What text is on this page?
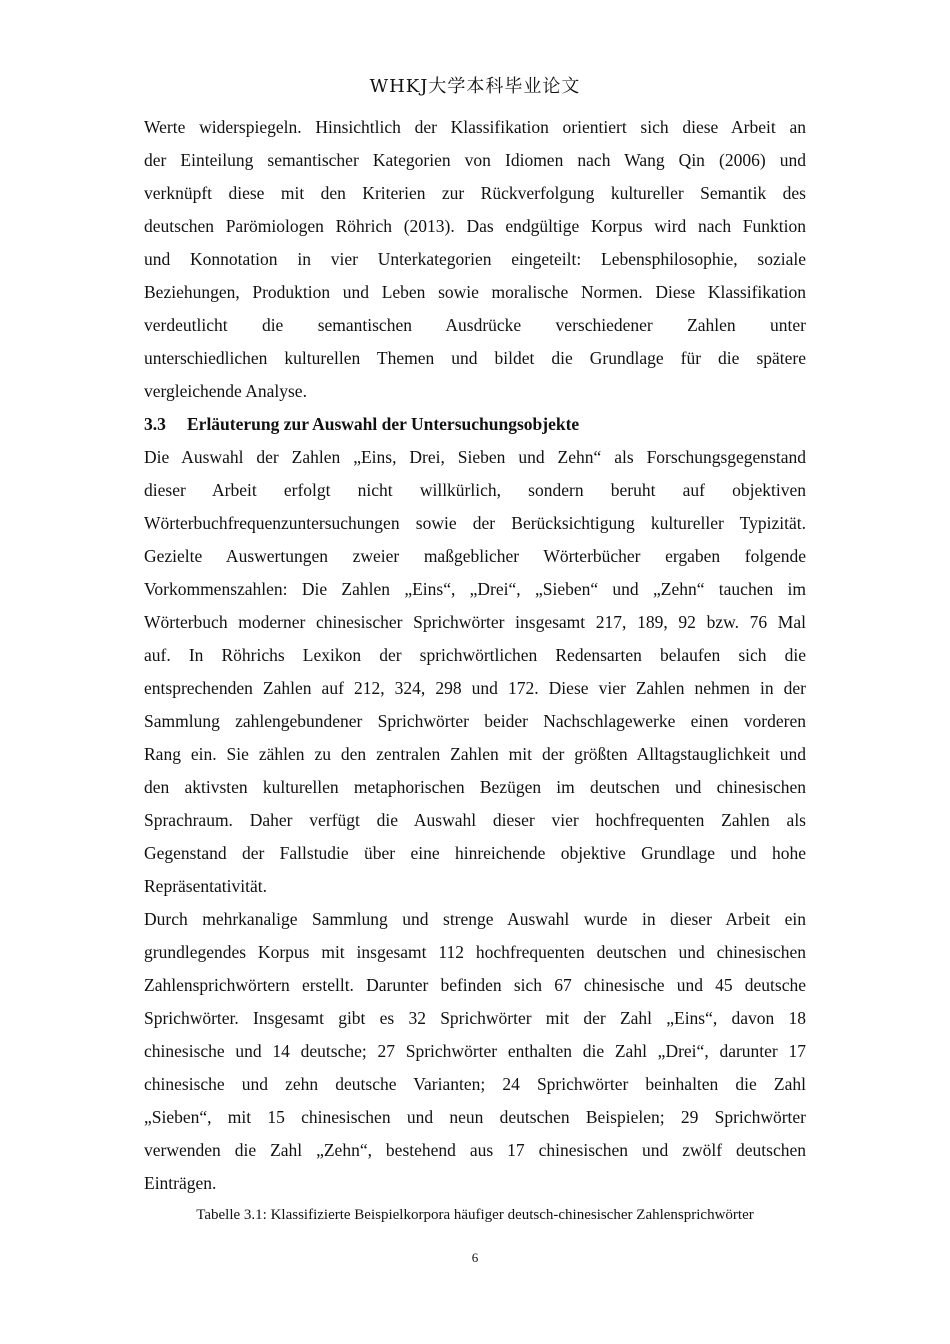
WHKJ大学本科毕业论文
Werte widerspiegeln. Hinsichtlich der Klassifikation orientiert sich diese Arbeit an
der Einteilung semantischer Kategorien von Idiomen nach Wang Qin (2006) und
verknüpft diese mit den Kriterien zur Rückverfolgung kultureller Semantik des
deutschen Parömiologen Röhrich (2013). Das endgültige Korpus wird nach Funktion
und Konnotation in vier Unterkategorien eingeteilt: Lebensphilosophie, soziale
Beziehungen, Produktion und Leben sowie moralische Normen. Diese Klassifikation
verdeutlicht die semantischen Ausdrücke verschiedener Zahlen unter
unterschiedlichen kulturellen Themen und bildet die Grundlage für die spätere
vergleichende Analyse.
3.3 Erläuterung zur Auswahl der Untersuchungsobjekte
Die Auswahl der Zahlen „Eins, Drei, Sieben und Zehn“ als Forschungsgegenstand
dieser Arbeit erfolgt nicht willkürlich, sondern beruht auf objektiven
Wörterbuchfrequenzuntersuchungen sowie der Berücksichtigung kultureller Typizität.
Gezielte Auswertungen zweier maßgeblicher Wörterbücher ergaben folgende
Vorkommenszahlen: Die Zahlen „Eins“, „Drei“, „Sieben“ und „Zehn“ tauchen im
Wörterbuch moderner chinesischer Sprichwörter insgesamt 217, 189, 92 bzw. 76 Mal
auf. In Röhrichs Lexikon der sprichwörtlichen Redensarten belaufen sich die
entsprechenden Zahlen auf 212, 324, 298 und 172. Diese vier Zahlen nehmen in der
Sammlung zahlengebundener Sprichwörter beider Nachschlagewerke einen vorderen
Rang ein. Sie zählen zu den zentralen Zahlen mit der größten Alltagstauglichkeit und
den aktivsten kulturellen metaphorischen Bezügen im deutschen und chinesischen
Sprachraum. Daher verfügt die Auswahl dieser vier hochfrequenten Zahlen als
Gegenstand der Fallstudie über eine hinreichende objektive Grundlage und hohe
Repräsentativität.
Durch mehrkanalige Sammlung und strenge Auswahl wurde in dieser Arbeit ein
grundlegendes Korpus mit insgesamt 112 hochfrequenten deutschen und chinesischen
Zahlensprichwörtern erstellt. Darunter befinden sich 67 chinesische und 45 deutsche
Sprichwörter. Insgesamt gibt es 32 Sprichwörter mit der Zahl „Eins“, davon 18
chinesische und 14 deutsche; 27 Sprichwörter enthalten die Zahl „Drei“, darunter 17
chinesische und zehn deutsche Varianten; 24 Sprichwörter beinhalten die Zahl
„Sieben“, mit 15 chinesischen und neun deutschen Beispielen; 29 Sprichwörter
verwenden die Zahl „Zehn“, bestehend aus 17 chinesischen und zwölf deutschen
Einträgen.
Tabelle 3.1: Klassifizierte Beispielkorpora häufiger deutsch-chinesischer Zahlensprichwörter
6
